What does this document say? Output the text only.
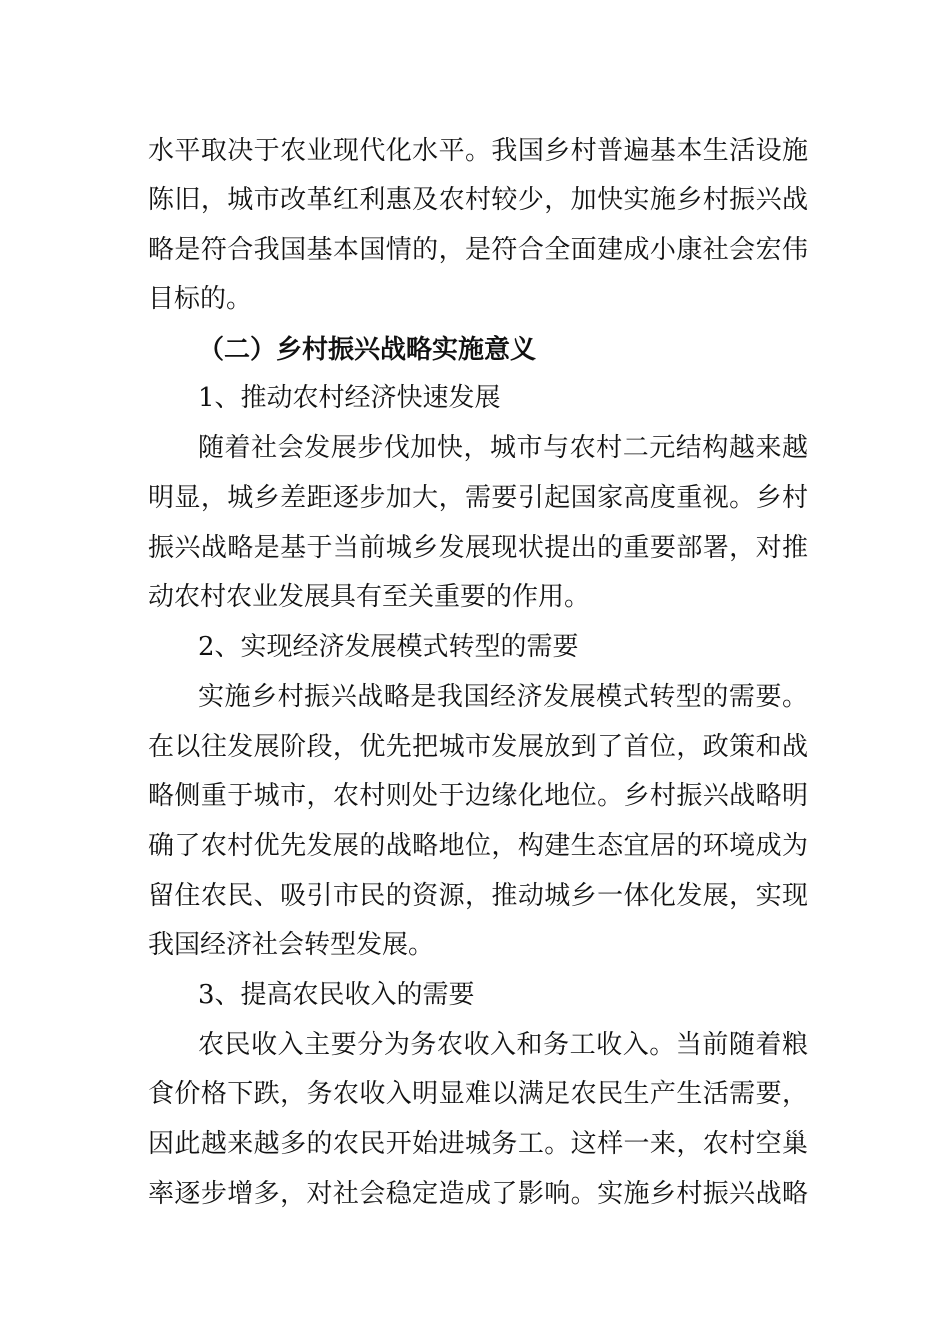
水平取决于农业现代化水平。我国乡村普遍基本生活设施
陈旧，城市改革红利惠及农村较少，加快实施乡村振兴战
略是符合我国基本国情的，是符合全面建成小康社会宏伟
目标的。
（二）乡村振兴战略实施意义
1、推动农村经济快速发展
随着社会发展步伐加快，城市与农村二元结构越来越
明显，城乡差距逐步加大，需要引起国家高度重视。乡村
振兴战略是基于当前城乡发展现状提出的重要部署，对推
动农村农业发展具有至关重要的作用。
2、实现经济发展模式转型的需要
实施乡村振兴战略是我国经济发展模式转型的需要。
在以往发展阶段，优先把城市发展放到了首位，政策和战
略侧重于城市，农村则处于边缘化地位。乡村振兴战略明
确了农村优先发展的战略地位，构建生态宜居的环境成为
留住农民、吸引市民的资源，推动城乡一体化发展，实现
我国经济社会转型发展。
3、提高农民收入的需要
农民收入主要分为务农收入和务工收入。当前随着粮
食价格下跌，务农收入明显难以满足农民生产生活需要，
因此越来越多的农民开始进城务工。这样一来，农村空巢
率逐步增多，对社会稳定造成了影响。实施乡村振兴战略
